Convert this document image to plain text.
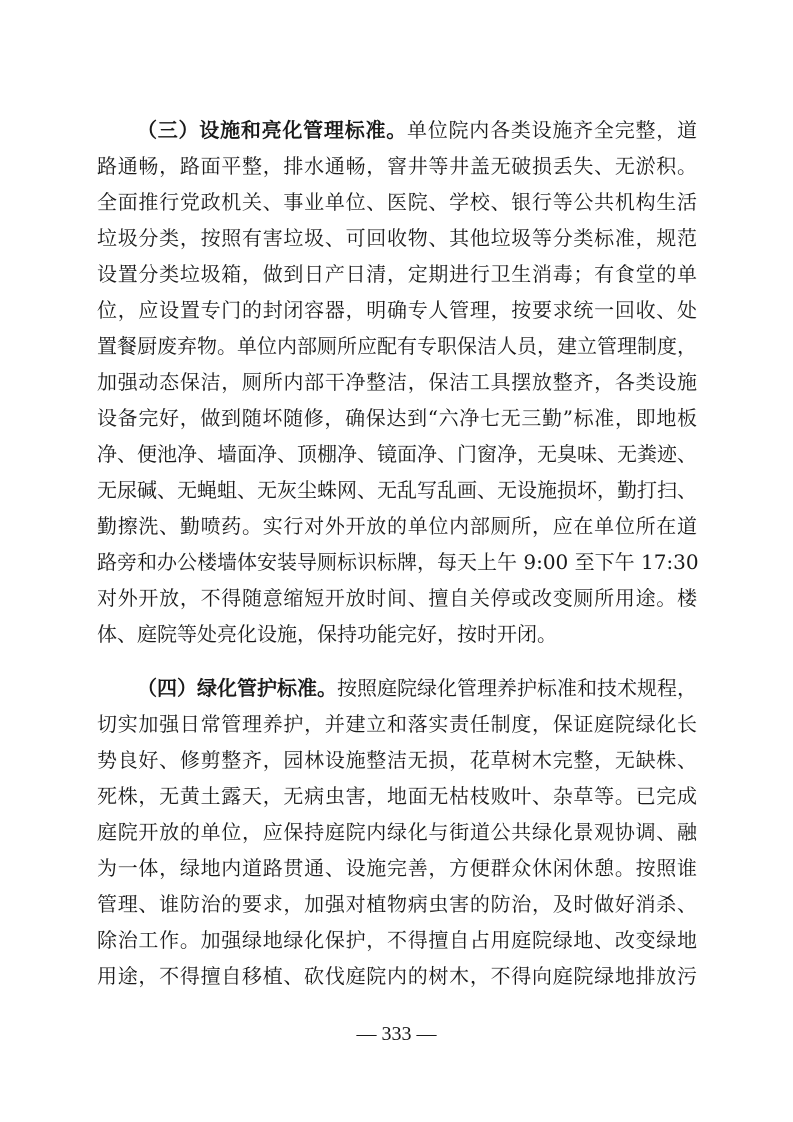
（三）设施和亮化管理标准。单位院内各类设施齐全完整，道
路通畅，路面平整，排水通畅，窨井等井盖无破损丢失、无淤积。
全面推行党政机关、事业单位、医院、学校、银行等公共机构生活
垃圾分类，按照有害垃圾、可回收物、其他垃圾等分类标准，规范
设置分类垃圾箱，做到日产日清，定期进行卫生消毒；有食堂的单
位，应设置专门的封闭容器，明确专人管理，按要求统一回收、处
置餐厨废弃物。单位内部厕所应配有专职保洁人员，建立管理制度，
加强动态保洁，厕所内部干净整洁，保洁工具摆放整齐，各类设施
设备完好，做到随坏随修，确保达到“六净七无三勤”标准，即地板
净、便池净、墙面净、顶棚净、镜面净、门窗净，无臭味、无粪迹、
无尿碱、无蝇蛆、无灰尘蛛网、无乱写乱画、无设施损坏，勤打扫、
勤擦洗、勤喷药。实行对外开放的单位内部厕所，应在单位所在道
路旁和办公楼墙体安装导厕标识标牌，每天上午 9:00 至下午 17:30
对外开放，不得随意缩短开放时间、擅自关停或改变厕所用途。楼
体、庭院等处亮化设施，保持功能完好，按时开闭。
（四）绿化管护标准。按照庭院绿化管理养护标准和技术规程，
切实加强日常管理养护，并建立和落实责任制度，保证庭院绿化长
势良好、修剪整齐，园林设施整洁无损，花草树木完整，无缺株、
死株，无黄土露天，无病虫害，地面无枯枝败叶、杂草等。已完成
庭院开放的单位，应保持庭院内绿化与街道公共绿化景观协调、融
为一体，绿地内道路贯通、设施完善，方便群众休闲休憩。按照谁
管理、谁防治的要求，加强对植物病虫害的防治，及时做好消杀、
除治工作。加强绿地绿化保护，不得擅自占用庭院绿地、改变绿地
用途，不得擅自移植、砍伐庭院内的树木，不得向庭院绿地排放污
— 333 —
